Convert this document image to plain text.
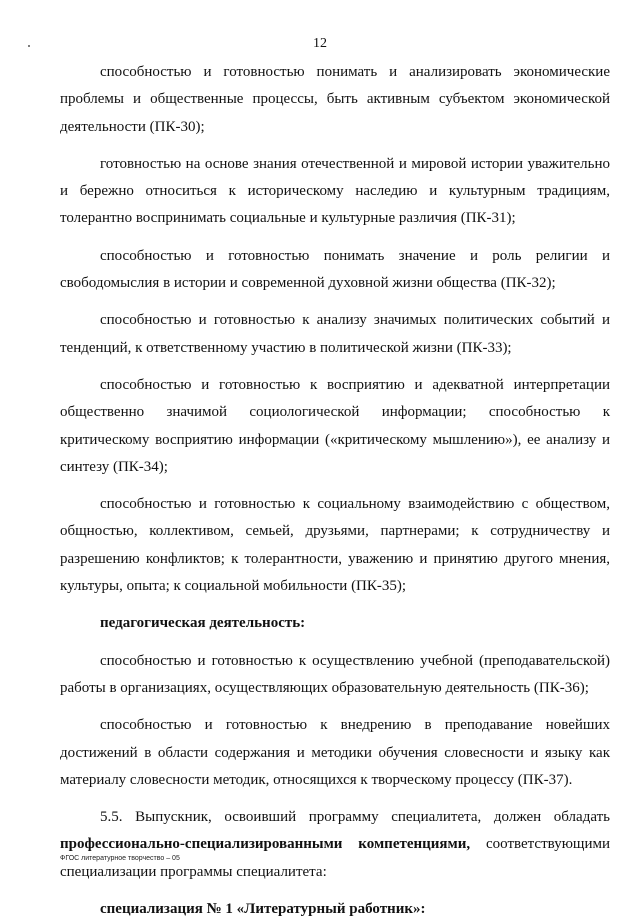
12

способностью и готовностью понимать и анализировать экономические проблемы и общественные процессы, быть активным субъектом экономической деятельности (ПК-30);

готовностью на основе знания отечественной и мировой истории уважительно и бережно относиться к историческому наследию и культурным традициям, толерантно воспринимать социальные и культурные различия (ПК-31);

способностью и готовностью понимать значение и роль религии и свободомыслия в истории и современной духовной жизни общества (ПК-32);

способностью и готовностью к анализу значимых политических событий и тенденций, к ответственному участию в политической жизни (ПК-33);

способностью и готовностью к восприятию и адекватной интерпретации общественно значимой социологической информации; способностью к критическому восприятию информации («критическому мышлению»), ее анализу и синтезу (ПК-34);

способностью и готовностью к социальному взаимодействию с обществом, общностью, коллективом, семьей, друзьями, партнерами; к сотрудничеству и разрешению конфликтов; к толерантности, уважению и принятию другого мнения, культуры, опыта; к социальной мобильности (ПК-35);

педагогическая деятельность:

способностью и готовностью к осуществлению учебной (преподавательской) работы в организациях, осуществляющих образовательную деятельность (ПК-36);

способностью и готовностью к внедрению в преподавание новейших достижений в области содержания и методики обучения словесности и языку как материалу словесности методик, относящихся к творческому процессу (ПК-37).

5.5. Выпускник, освоивший программу специалитета, должен обладать профессионально-специализированными компетенциями, соответствующими специализации программы специалитета:

специализация № 1 «Литературный работник»:

ФГОС литературное творчество – 05
